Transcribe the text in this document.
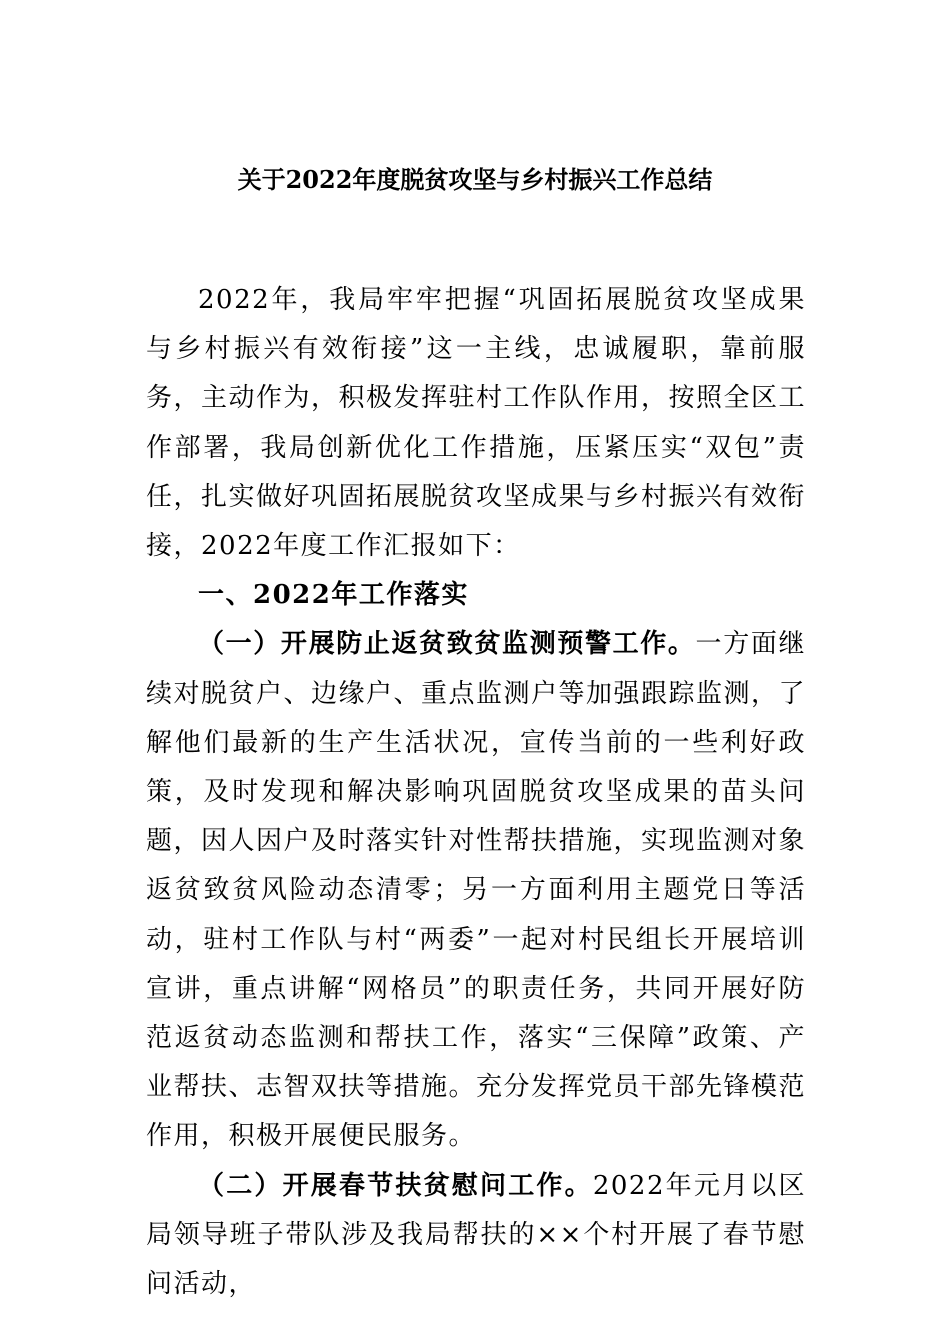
关于2022年度脱贫攻坚与乡村振兴工作总结

2022年，我局牢牢把握“巩固拓展脱贫攻坚成果与乡村振兴有效衔接”这一主线，忠诚履职，靠前服务，主动作为，积极发挥驻村工作队作用，按照全区工作部署，我局创新优化工作措施，压紧压实“双包”责任，扎实做好巩固拓展脱贫攻坚成果与乡村振兴有效衔接，2022年度工作汇报如下：

一、2022年工作落实

（一）开展防止返贫致贫监测预警工作。一方面继续对脱贫户、边缘户、重点监测户等加强跟踪监测，了解他们最新的生产生活状况，宣传当前的一些利好政策，及时发现和解决影响巩固脱贫攻坚成果的苗头问题，因人因户及时落实针对性帮扶措施，实现监测对象返贫致贫风险动态清零；另一方面利用主题党日等活动，驻村工作队与村“两委”一起对村民组长开展培训宣讲，重点讲解“网格员”的职责任务，共同开展好防范返贫动态监测和帮扶工作，落实“三保障”政策、产业帮扶、志智双扶等措施。充分发挥党员干部先锋模范作用，积极开展便民服务。

（二）开展春节扶贫慰问工作。2022年元月以区局领导班子带队涉及我局帮扶的××个村开展了春节慰问活动，
